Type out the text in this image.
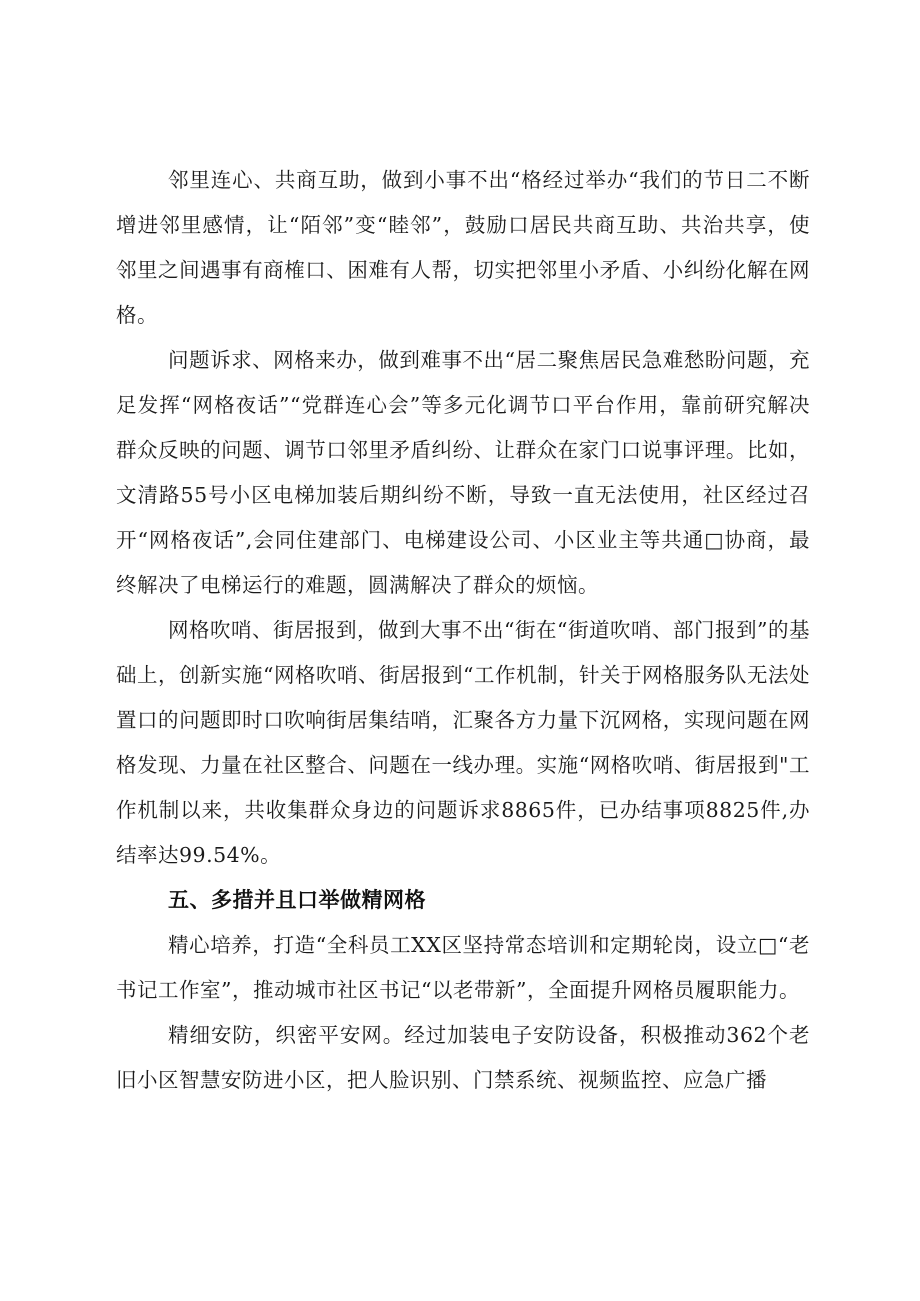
邻里连心、共商互助，做到小事不出“格经过举办“我们的节日二不断增进邻里感情，让“陌邻”变“睦邻”，鼓励口居民共商互助、共治共享，使邻里之间遇事有商榷口、困难有人帮，切实把邻里小矛盾、小纠纷化解在网格。

问题诉求、网格来办，做到难事不出“居二聚焦居民急难愁盼问题，充足发挥“网格夜话”“党群连心会”等多元化调节口平台作用，靠前研究解决群众反映的问题、调节口邻里矛盾纠纷、让群众在家门口说事评理。比如，文清路55号小区电梯加装后期纠纷不断，导致一直无法使用，社区经过召开“网格夜话”,会同住建部门、电梯建设公司、小区业主等共通□协商，最终解决了电梯运行的难题，圆满解决了群众的烦恼。

网格吹哨、街居报到，做到大事不出“街在“街道吹哨、部门报到”的基础上，创新实施“网格吹哨、街居报到“工作机制，针关于网格服务队无法处置口的问题即时口吹响街居集结哨，汇聚各方力量下沉网格，实现问题在网格发现、力量在社区整合、问题在一线办理。实施“网格吹哨、街居报到"工作机制以来，共收集群众身边的问题诉求8865件，已办结事项8825件,办结率达99.54%。

五、多措并且口举做精网格

精心培养，打造“全科员工XX区坚持常态培训和定期轮岗，设立□“老书记工作室”，推动城市社区书记“以老带新”，全面提升网格员履职能力。

精细安防，织密平安网。经过加装电子安防设备，积极推动362个老旧小区智慧安防进小区，把人脸识别、门禁系统、视频监控、应急广播
